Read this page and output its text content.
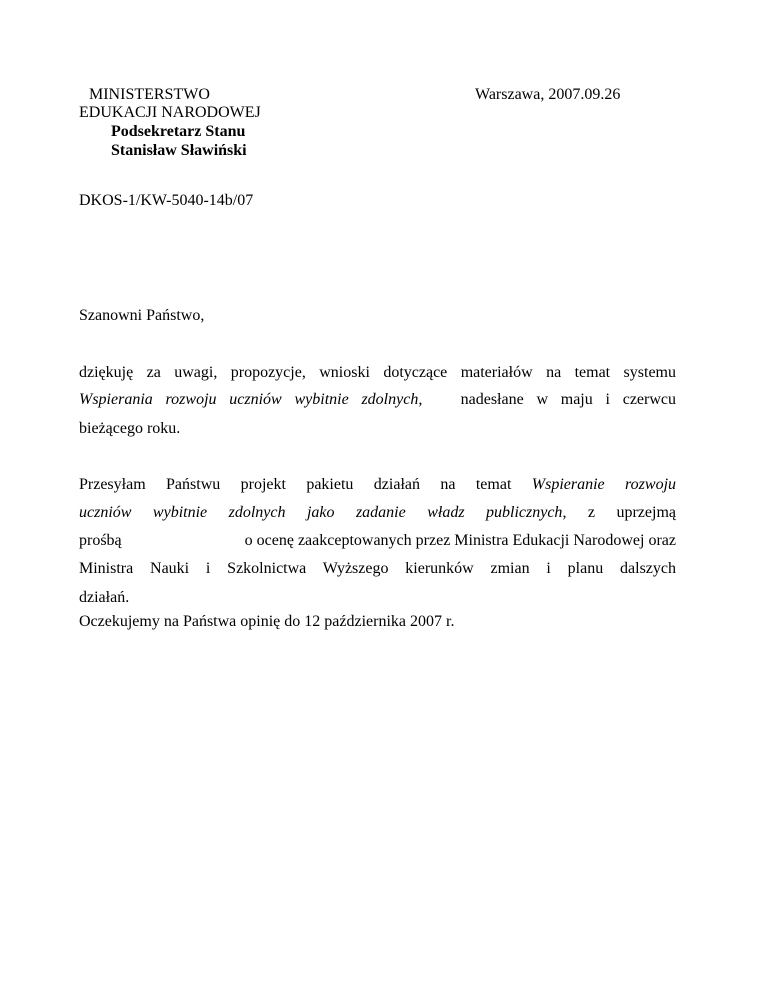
MINISTERSTWO
EDUKACJI NARODOWEJ
Podsekretarz Stanu
Stanisław Sławiński
Warszawa, 2007.09.26
DKOS-1/KW-5040-14b/07
Szanowni Państwo,
dziękuję za uwagi, propozycje, wnioski dotyczące materiałów na temat systemu
Wspierania rozwoju uczniów wybitnie zdolnych, nadesłane w maju i czerwcu
bieżącego roku.
Przesyłam Państwu projekt pakietu działań na temat Wspieranie rozwoju
uczniów wybitnie zdolnych jako zadanie władz publicznych, z uprzejmą
prośbą	o ocenę zaakceptowanych przez Ministra Edukacji Narodowej oraz
Ministra Nauki i Szkolnictwa Wyższego kierunków zmian i planu dalszych
działań.
Oczekujemy na Państwa opinię do 12 października 2007 r.
